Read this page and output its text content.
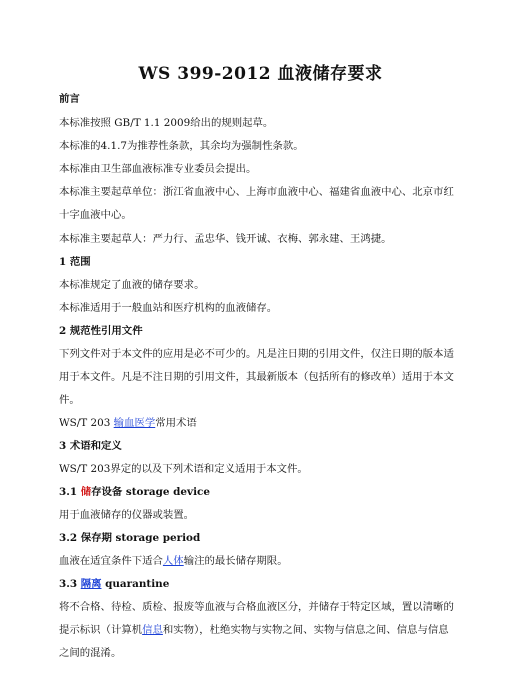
WS 399-2012 血液储存要求
前言
本标准按照 GB/T 1.1 2009给出的规则起草。
本标准的4.1.7为推荐性条款，其余均为强制性条款。
本标准由卫生部血液标准专业委员会提出。
本标准主要起草单位：浙江省血液中心、上海市血液中心、福建省血液中心、北京市红
十字血液中心。
本标准主要起草人：严力行、孟忠华、钱开诚、衣梅、郭永建、王鸿捷。
1 范围
本标准规定了血液的储存要求。
本标准适用于一般血站和医疗机构的血液储存。
2 规范性引用文件
下列文件对于本文件的应用是必不可少的。凡是注日期的引用文件，仅注日期的版本适
用于本文件。凡是不注日期的引用文件，其最新版本（包括所有的修改单）适用于本文
件。
WS/T 203 输血医学常用术语
3 术语和定义
WS/T 203界定的以及下列术语和定义适用于本文件。
3.1 储存设备 storage device
用于血液储存的仪器或装置。
3.2 保存期 storage period
血液在适宜条件下适合人体输注的最长储存期限。
3.3 隔离 quarantine
将不合格、待检、质检、报废等血液与合格血液区分，并储存于特定区域，置以清晰的
提示标识（计算机信息和实物），杜绝实物与实物之间、实物与信息之间、信息与信息
之间的混淆。
